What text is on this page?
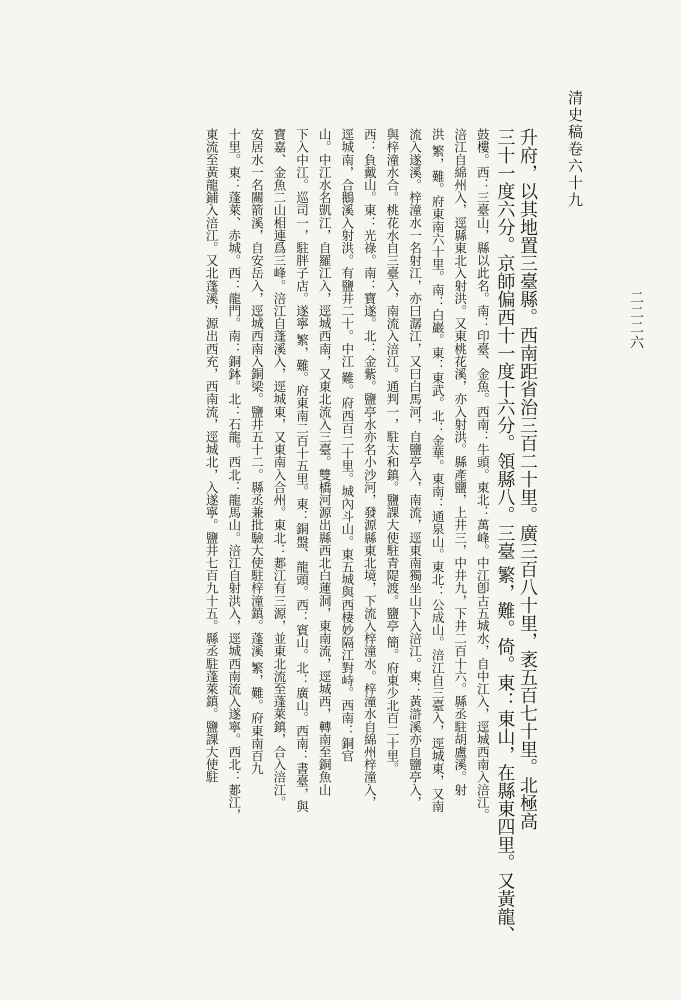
清史稿卷六十九
二二二六
升府，以其地置三臺縣。西南距省治三百二十里。廣三百八十里，袤五百七十里。北極高
三十一度六分。京師偏西十一度十六分。領縣八。三臺 繁，難。倚。東：東山，在縣東四里。又黃龍、
鼓樓。西：三臺山，縣以此名。南：印臺、金魚。西南：牛頭。東北：萬峰。中江卽古五城水，自中江入，逕城西南入涪江。
涪江自綿州入，逕縣東北入射洪。又東桃花溪，亦入射洪。縣產鹽，上井三，中井九，下井二百十六。縣丞駐胡盧溪。射
洪 繁，難。府東南六十里。南：白巖。東：東武。北：金華。東南：通泉山。東北：公成山。涪江自三臺入，逕城東，又南
流入遂溪。梓潼水一名射江，亦曰潺江，又曰白馬河，自鹽亭入，南流，逕東南獨坐山下入涪江。東：黃滸溪亦自鹽亭入，
與梓潼水合。桃花水自三臺入，南流入涪江。通判一，駐太和鎮。鹽課大使駐青隄渡。鹽亭 簡。府東少北百二十里。
西：負戴山。東：光祿。南：寶遂。北：金紫。鹽亭水亦名小沙河，發源縣東北境，下流入梓潼水。梓潼水自綿州梓潼入，
逕城南，合鵝溪入射洪。有鹽井二十。中江 難。府西百二十里。城內斗山。東五城與西棲妙隔江對峙。西南：銅官
山。中江水名凱江，自羅江入，逕城西南，又東北流入三臺。雙橋河源出縣西北白蓮洞，東南流，逕城西，轉南至銅魚山
下入中江。巡司一，駐胖子店。遂寧 繁，難。府東南二百十五里。東：銅盤、龍頭。西：賓山。北：廣山。西南：書臺，與
寶嘉、金魚二山相連爲三峰。涪江自蓬溪入，逕城東，又東南入合州。東北：郪江有三源，並東北流至蓬萊鎮，合入涪江。
安居水一名關箭溪，自安岳入，逕城西南入銅梁。鹽井五十二。縣丞兼批驗大使駐梓潼鎮。蓬溪 繁，難。府東南百九
十里。東：蓬萊、赤城。西：龍門。南：銅鉢。北：石龍。西北：龍馬山。涪江自射洪入，逕城西南流入遂寧。西北：郪江，
東流至黃龍鋪入涪江。又北蓬溪，源出西充，西南流，逕城北，入遂寧。鹽井七百九十五。縣丞駐蓬萊鎮。鹽課大使駐
